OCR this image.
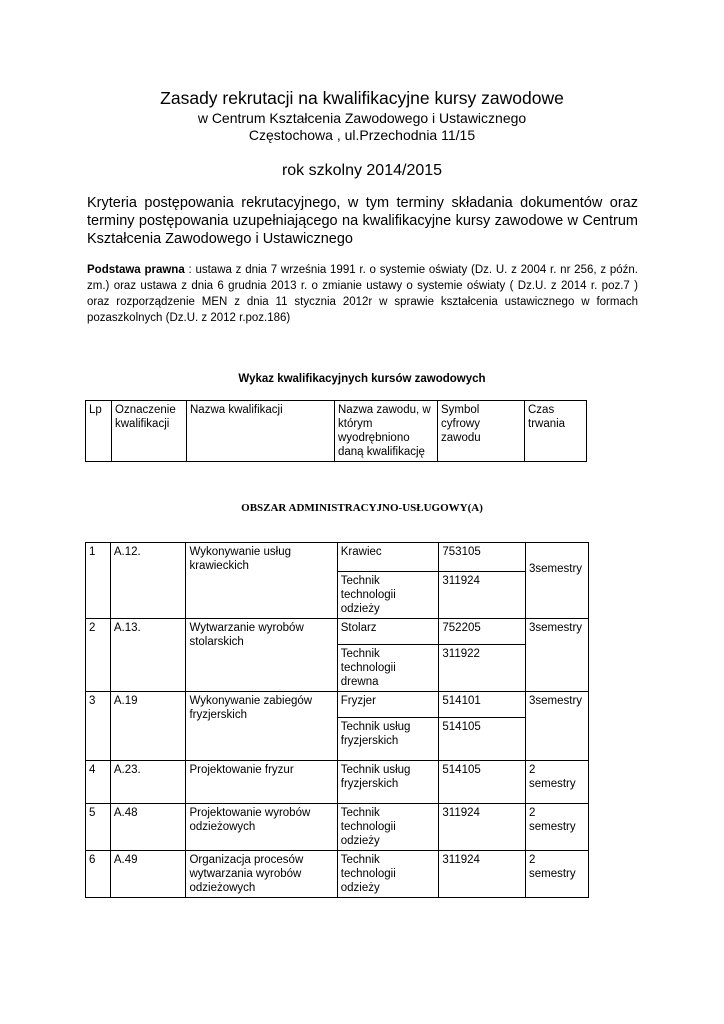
Zasady rekrutacji na kwalifikacyjne kursy zawodowe
w Centrum Kształcenia Zawodowego i Ustawicznego
Częstochowa , ul.Przechodnia 11/15
rok szkolny 2014/2015
Kryteria postępowania rekrutacyjnego, w tym terminy składania dokumentów oraz terminy postępowania uzupełniającego na kwalifikacyjne kursy zawodowe w Centrum Kształcenia Zawodowego i Ustawicznego
Podstawa prawna : ustawa z dnia 7 września 1991 r. o systemie oświaty (Dz. U. z 2004 r. nr 256, z późn. zm.) oraz ustawa z dnia 6 grudnia 2013 r. o zmianie ustawy o systemie oświaty ( Dz.U. z 2014 r. poz.7 ) oraz rozporządzenie MEN z dnia 11 stycznia 2012r w sprawie kształcenia ustawicznego w formach pozaszkolnych (Dz.U. z 2012 r.poz.186)
Wykaz kwalifikacyjnych kursów zawodowych
Lp	Oznaczenie kwalifikacji	Nazwa kwalifikacji	Nazwa zawodu, w którym wyodrębniono daną kwalifikację	Symbol cyfrowy zawodu	Czas trwania
OBSZAR ADMINISTRACYJNO-USŁUGOWY(A)
1	A.12.	Wykonywanie usług krawieckich	Krawiec	753105	3semestry
			Technik technologii odzieży	311924	
2	A.13.	Wytwarzanie wyrobów stolarskich	Stolarz	752205	3semestry
			Technik technologii drewna	311922	
3	A.19	Wykonywanie zabiegów fryzjerskich	Fryzjer	514101	3semestry
			Technik usług fryzjerskich	514105	
4	A.23.	Projektowanie fryzur	Technik usług fryzjerskich	514105	2 semestry
5	A.48	Projektowanie wyrobów odzieżowych	Technik technologii odzieży	311924	2 semestry
6	A.49	Organizacja procesów wytwarzania wyrobów odzieżowych	Technik technologii odzieży	311924	2 semestry
